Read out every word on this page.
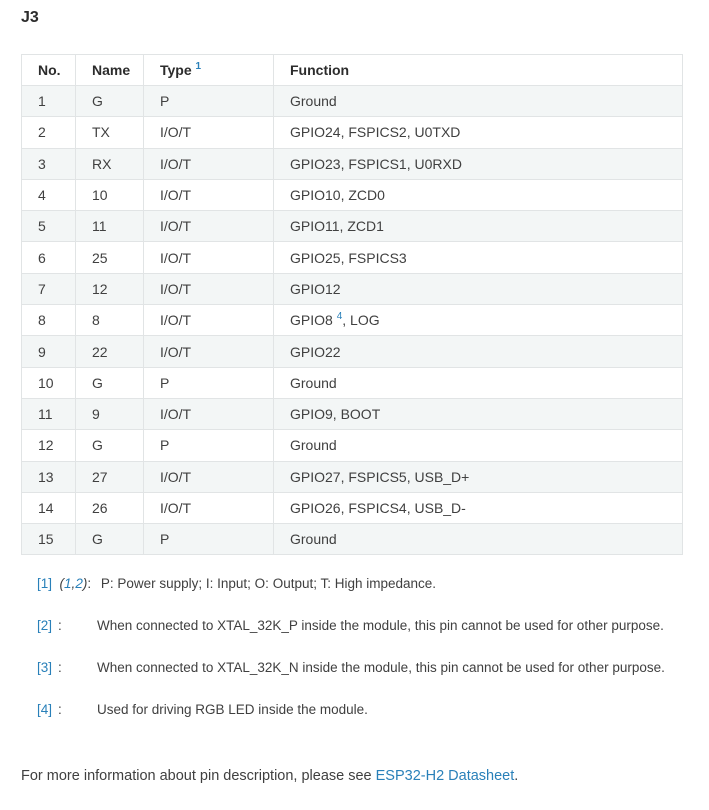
J3
No.	Name	Type $^1$	Function
1	G	P	Ground
2	TX	I/O/T	GPIO24, FSPICS2, U0TXD
3	RX	I/O/T	GPIO23, FSPICS1, U0RXD
4	10	I/O/T	GPIO10, ZCD0
5	11	I/O/T	GPIO11, ZCD1
6	25	I/O/T	GPIO25, FSPICS3
7	12	I/O/T	GPIO12
8	8	I/O/T	GPIO8 $^4$, LOG
9	22	I/O/T	GPIO22
10	G	P	Ground
11	9	I/O/T	GPIO9, BOOT
12	G	P	Ground
13	27	I/O/T	GPIO27, FSPICS5, USB_D+
14	26	I/O/T	GPIO26, FSPICS4, USB_D-
15	G	P	Ground
[1] (1,2): P: Power supply; I: Input; O: Output; T: High impedance.
[2] :	When connected to XTAL_32K_P inside the module, this pin cannot be used for other purpose.
[3] :	When connected to XTAL_32K_N inside the module, this pin cannot be used for other purpose.
[4] :	Used for driving RGB LED inside the module.

For more information about pin description, please see ESP32-H2 Datasheet.
